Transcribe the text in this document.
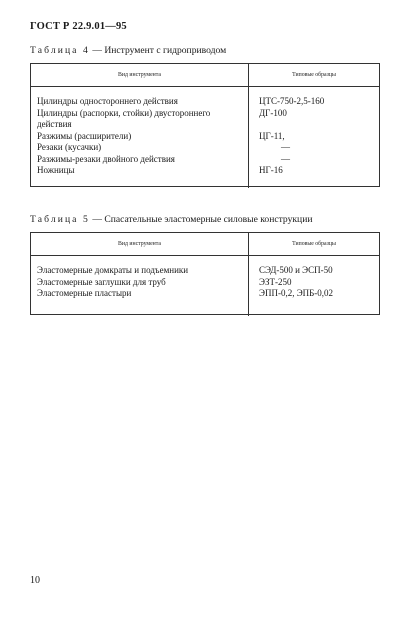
ГОСТ Р 22.9.01—95
Таблица 4 — Инструмент с гидроприводом
Вид инструмента	Типовые образцы
Цилиндры одностороннего действия
Цилиндры (распорки, стойки) двустороннего
действия
Разжимы (расширители)
Резаки (кусачки)
Разжимы-резаки двойного действия
Ножницы
ЦТС-750-2,5-160
ДГ-100

ЦГ-11,
—
—
НГ-16
Таблица 5 — Спасательные эластомерные силовые конструкции
Вид инструмента	Типовые образцы
Эластомерные домкраты и подъемники
Эластомерные заглушки для труб
Эластомерные пластыри
СЭД-500 и ЭСП-50
ЭЗТ-250
ЭПП-0,2, ЭПБ-0,02
10
